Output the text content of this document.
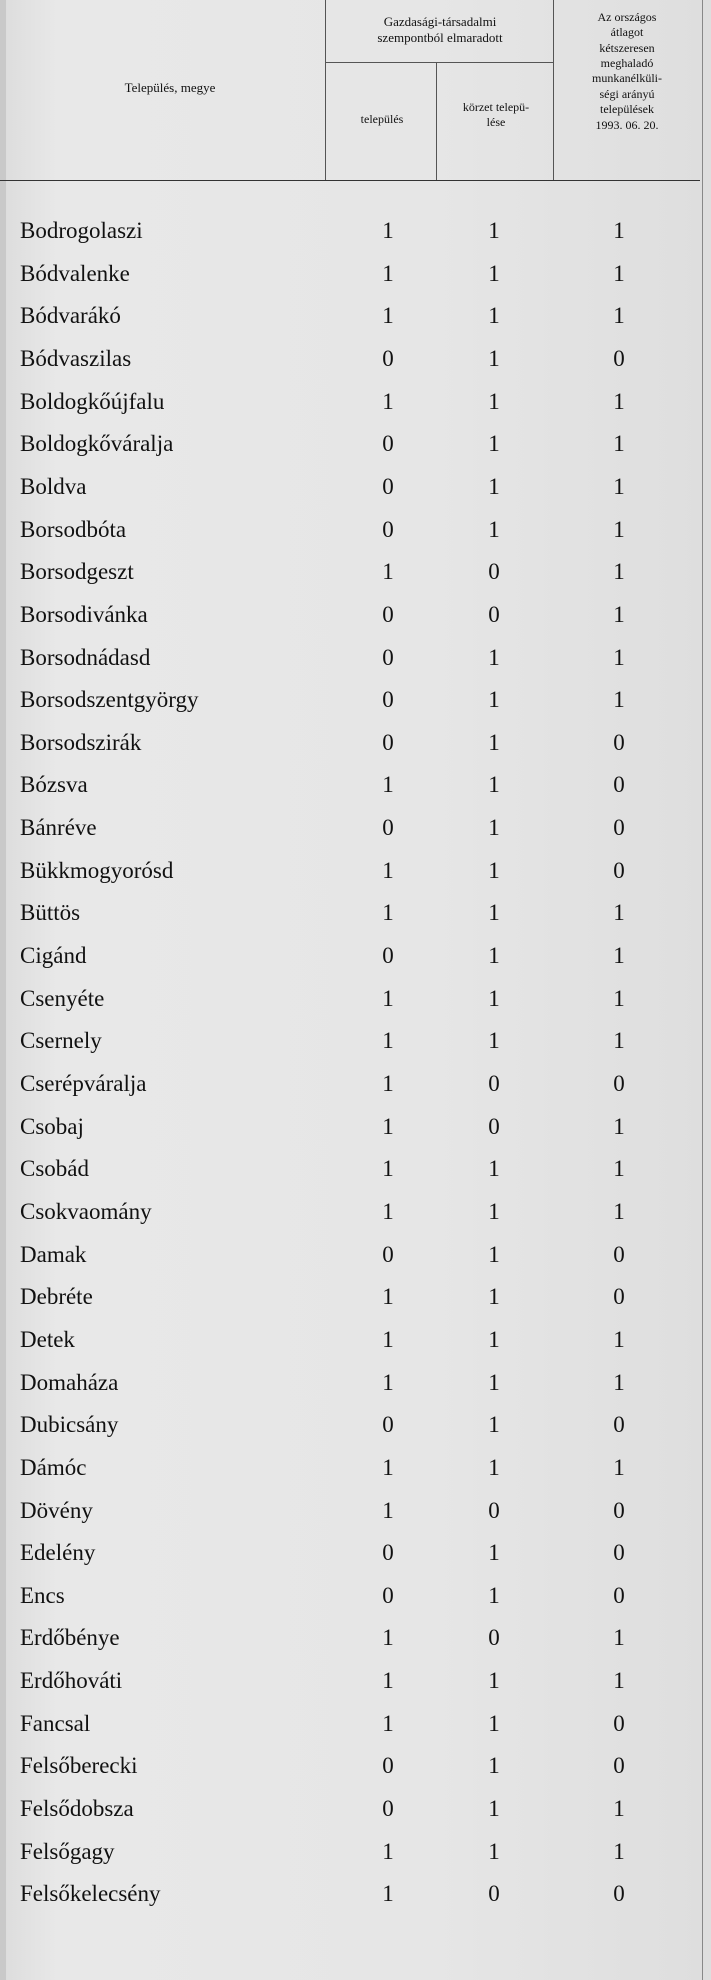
Település, megye
Gazdasági-társadalmi
szempontból elmaradott
település
körzet telepü-
lése
Az országos
átlagot
kétszeresen
meghaladó
munkanélküli-
ségi arányú
települések
1993. 06. 20.
Bodrogolaszi	1	1	1
Bódvalenke	1	1	1
Bódvarákó	1	1	1
Bódvaszilas	0	1	0
Boldogkőújfalu	1	1	1
Boldogkőváralja	0	1	1
Boldva	0	1	1
Borsodbóta	0	1	1
Borsodgeszt	1	0	1
Borsodivánka	0	0	1
Borsodnádasd	0	1	1
Borsodszentgyörgy	0	1	1
Borsodszirák	0	1	0
Bózsva	1	1	0
Bánréve	0	1	0
Bükkmogyorósd	1	1	0
Büttös	1	1	1
Cigánd	0	1	1
Csenyéte	1	1	1
Csernely	1	1	1
Cserépváralja	1	0	0
Csobaj	1	0	1
Csobád	1	1	1
Csokvaomány	1	1	1
Damak	0	1	0
Debréte	1	1	0
Detek	1	1	1
Domaháza	1	1	1
Dubicsány	0	1	0
Dámóc	1	1	1
Dövény	1	0	0
Edelény	0	1	0
Encs	0	1	0
Erdőbénye	1	0	1
Erdőhováti	1	1	1
Fancsal	1	1	0
Felsőberecki	0	1	0
Felsődobsza	0	1	1
Felsőgagy	1	1	1
Felsőkelecsény	1	0	0
